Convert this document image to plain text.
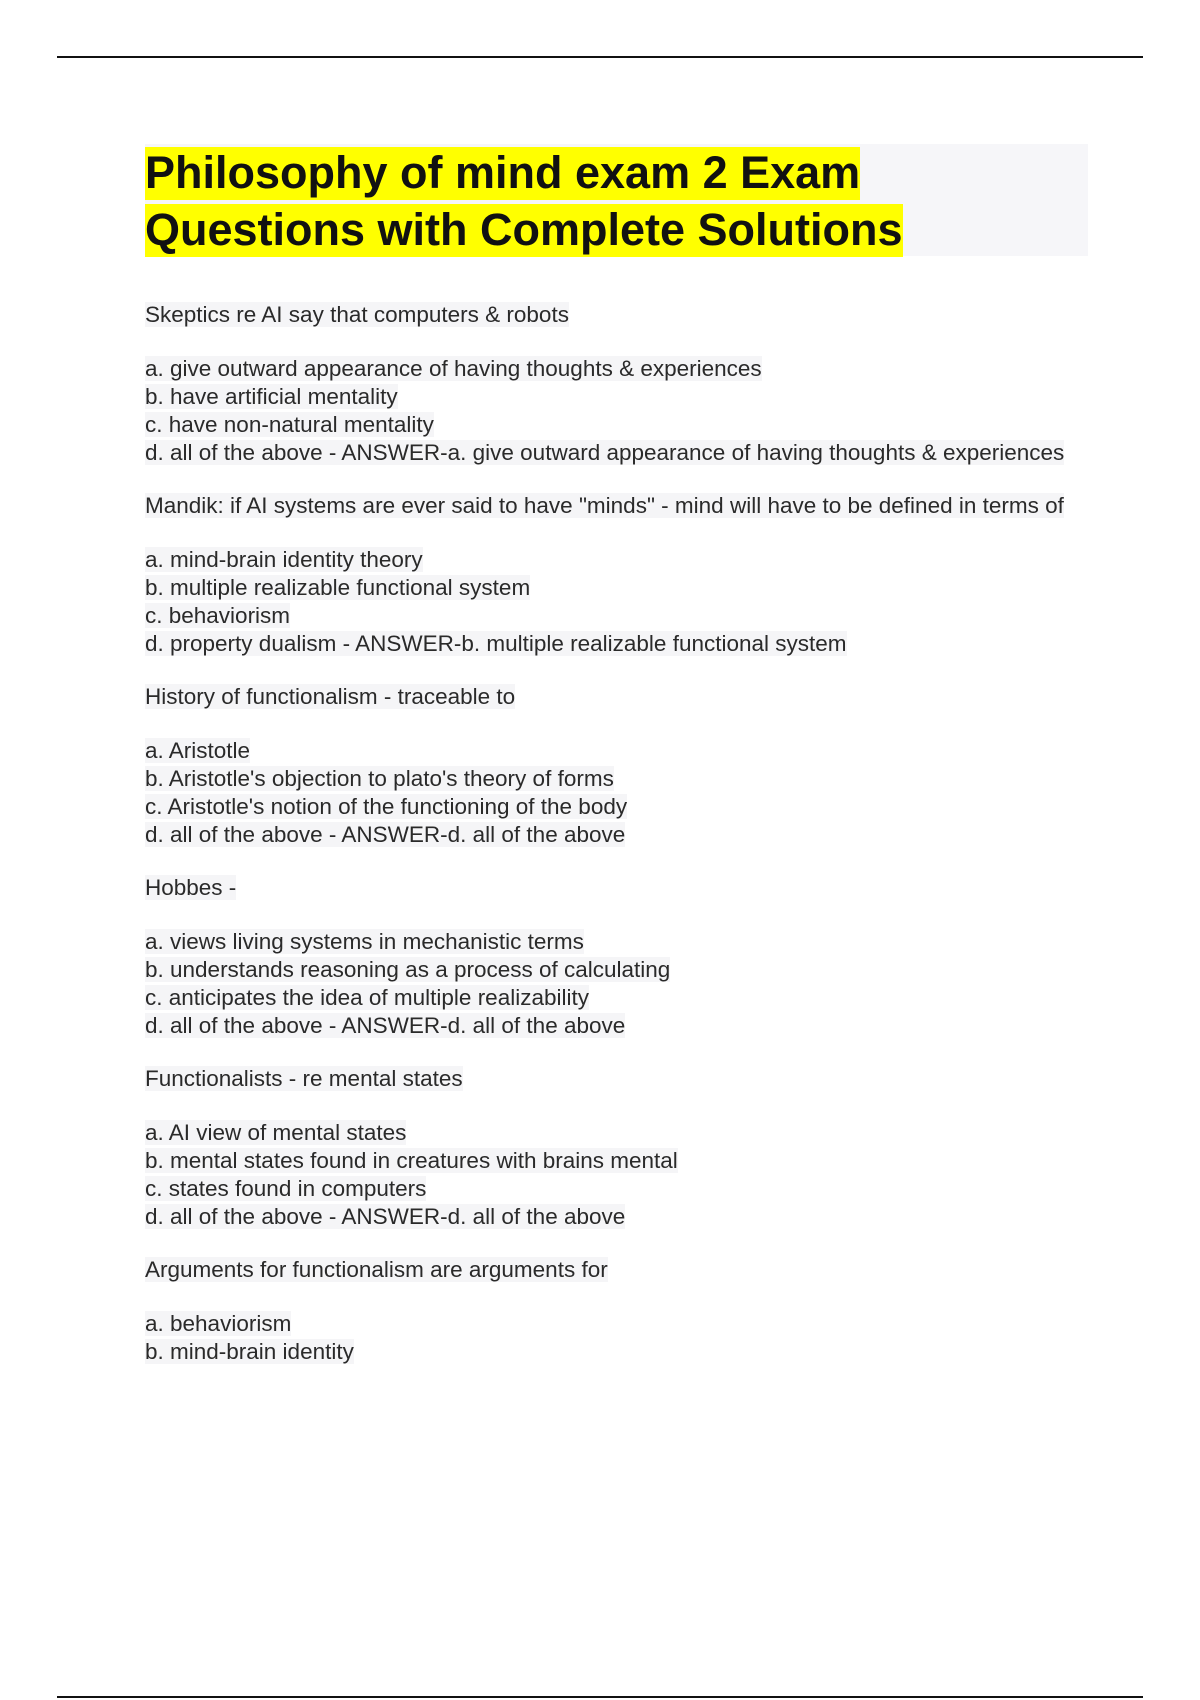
Philosophy of mind exam 2 Exam
Questions with Complete Solutions
Skeptics re AI say that computers & robots
a. give outward appearance of having thoughts & experiences
b. have artificial mentality
c. have non-natural mentality
d. all of the above - ANSWER-a. give outward appearance of having thoughts & experiences
Mandik: if AI systems are ever said to have "minds" - mind will have to be defined in terms of
a. mind-brain identity theory
b. multiple realizable functional system
c. behaviorism
d. property dualism - ANSWER-b. multiple realizable functional system
History of functionalism - traceable to
a. Aristotle
b. Aristotle's objection to plato's theory of forms
c. Aristotle's notion of the functioning of the body
d. all of the above - ANSWER-d. all of the above
Hobbes -
a. views living systems in mechanistic terms
b. understands reasoning as a process of calculating
c. anticipates the idea of multiple realizability
d. all of the above - ANSWER-d. all of the above
Functionalists - re mental states
a. AI view of mental states
b. mental states found in creatures with brains mental
c. states found in computers
d. all of the above - ANSWER-d. all of the above
Arguments for functionalism are arguments for
a. behaviorism
b. mind-brain identity
